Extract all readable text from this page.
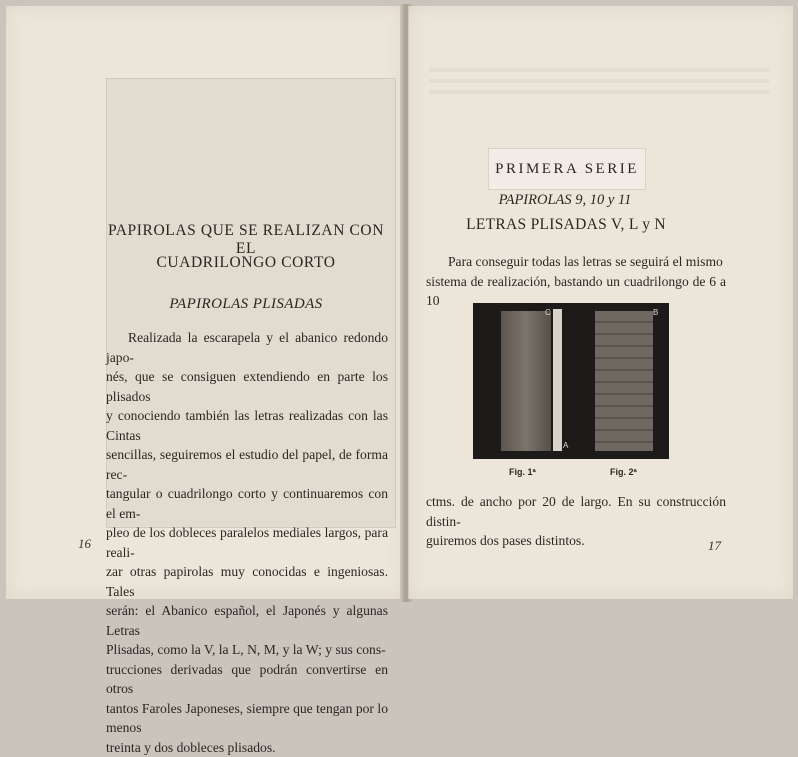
PAPIROLAS QUE SE REALIZAN CON EL
CUADRILONGO CORTO
PAPIROLAS PLISADAS
Realizada la escarapela y el abanico redondo japo-
nés, que se consiguen extendiendo en parte los plisados
y conociendo también las letras realizadas con las Cintas
sencillas, seguiremos el estudio del papel, de forma rec-
tangular o cuadrilongo corto y continuaremos con el em-
pleo de los dobleces paralelos mediales largos, para reali-
zar otras papirolas muy conocidas e ingeniosas. Tales
serán: el Abanico español, el Japonés y algunas Letras
Plisadas, como la V, la L, N, M, y la W; y sus cons-
trucciones derivadas que podrán convertirse en otros
tantos Faroles Japoneses, siempre que tengan por lo menos
treinta y dos dobleces plisados.
16
PRIMERA SERIE
PAPIROLAS 9, 10 y 11
LETRAS PLISADAS V, L y N
Para conseguir todas las letras se seguirá el mismo
sistema de realización, bastando un cuadrilongo de 6 a 10
C	B
A
Fig. 1ª	Fig. 2ª
ctms. de ancho por 20 de largo. En su construcción distin-
guiremos dos pases distintos.	17
